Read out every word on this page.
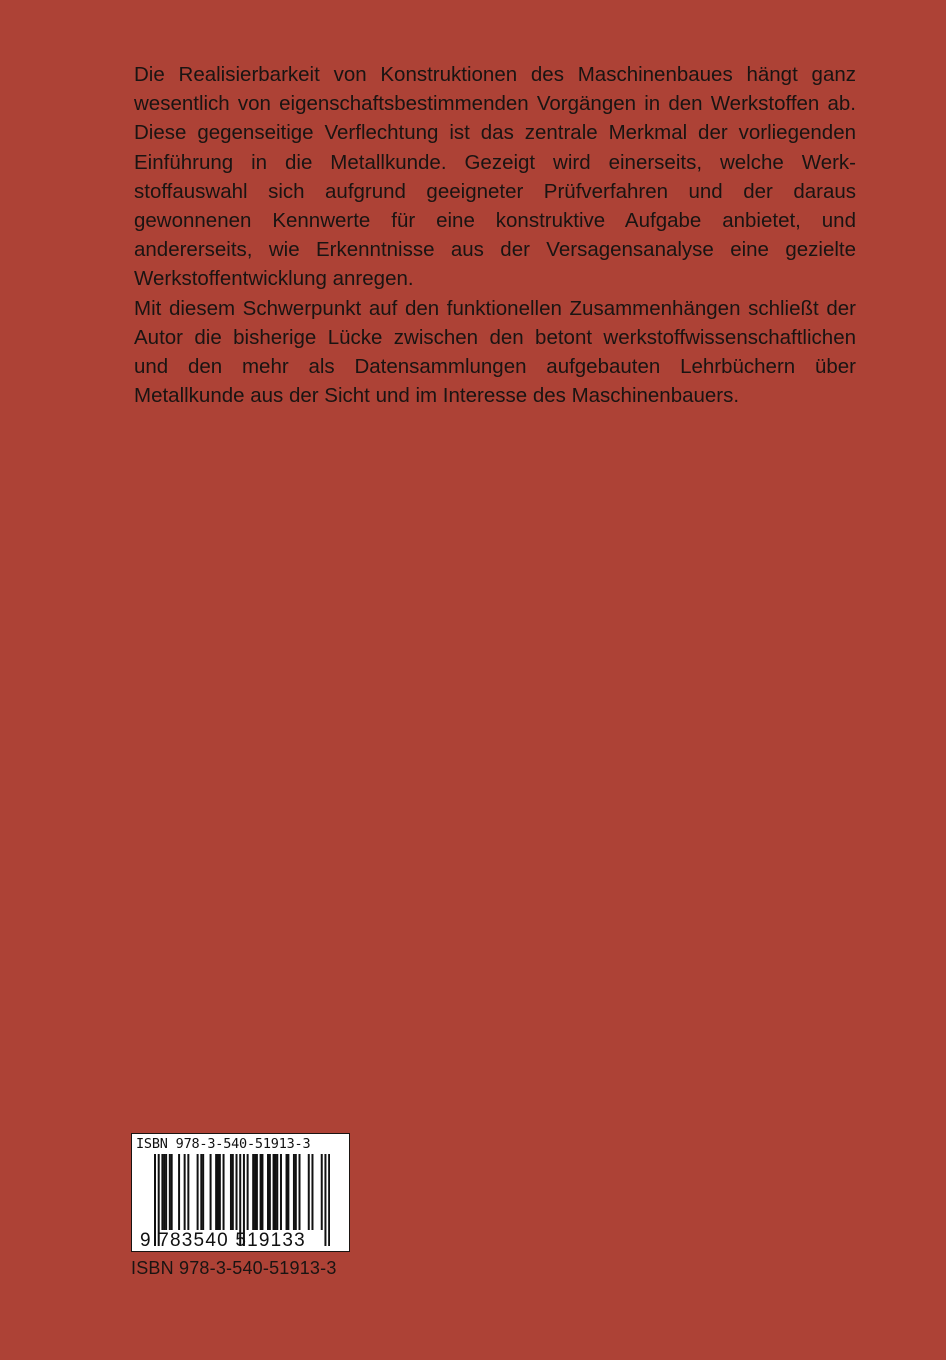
Die Realisierbarkeit von Konstruktionen des Maschinenbaues hängt ganz wesentlich von eigenschaftsbestimmenden Vorgängen in den Werkstoffen ab. Diese gegenseitige Verflechtung ist das zentrale Merkmal der vorliegenden Einführung in die Metallkunde. Gezeigt wird einerseits, welche Werkstoffauswahl sich aufgrund geeigneter Prüfverfahren und der daraus gewonnenen Kennwerte für eine konstruktive Aufgabe anbietet, und andererseits, wie Erkenntnisse aus der Versagensanalyse eine gezielte Werkstoffentwicklung anregen.

Mit diesem Schwerpunkt auf den funktionellen Zusammenhängen schließt der Autor die bisherige Lücke zwischen den betont werkstoffwissenschaftlichen und den mehr als Datensammlungen aufgebauten Lehrbüchern über Metallkunde aus der Sicht und im Interesse des Maschinenbauers.

ISBN 978-3-540-51913-3
9 783540 519133
ISBN 978-3-540-51913-3
